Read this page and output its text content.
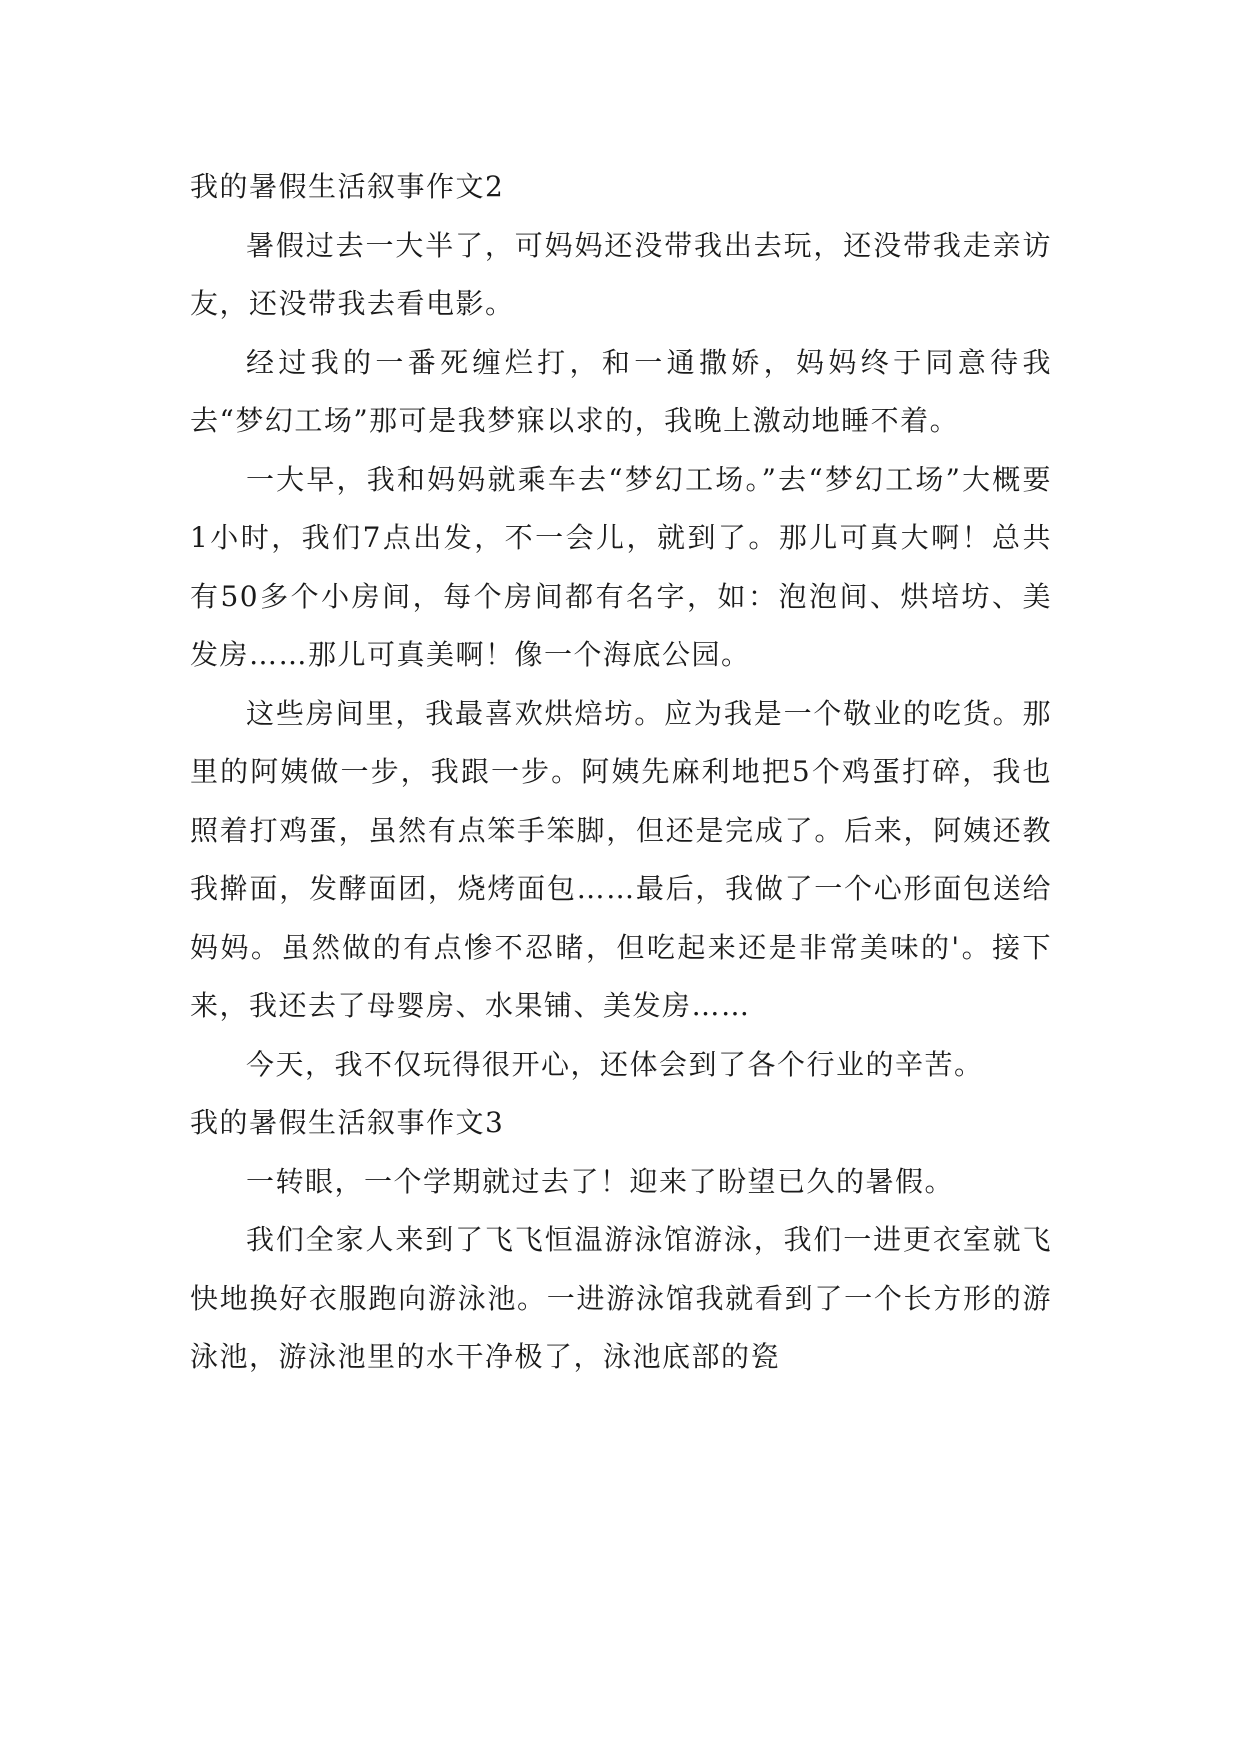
我的暑假生活叙事作文2

暑假过去一大半了，可妈妈还没带我出去玩，还没带我走亲访友，还没带我去看电影。

经过我的一番死缠烂打，和一通撒娇，妈妈终于同意待我去“梦幻工场”那可是我梦寐以求的，我晚上激动地睡不着。

一大早，我和妈妈就乘车去“梦幻工场。”去“梦幻工场”大概要1小时，我们7点出发，不一会儿，就到了。那儿可真大啊！总共有50多个小房间，每个房间都有名字，如：泡泡间、烘培坊、美发房……那儿可真美啊！像一个海底公园。

这些房间里，我最喜欢烘焙坊。应为我是一个敬业的吃货。那里的阿姨做一步，我跟一步。阿姨先麻利地把5个鸡蛋打碎，我也照着打鸡蛋，虽然有点笨手笨脚，但还是完成了。后来，阿姨还教我擀面，发酵面团，烧烤面包……最后，我做了一个心形面包送给妈妈。虽然做的有点惨不忍睹，但吃起来还是非常美味的'。接下来，我还去了母婴房、水果铺、美发房……

今天，我不仅玩得很开心，还体会到了各个行业的辛苦。

我的暑假生活叙事作文3

一转眼，一个学期就过去了！迎来了盼望已久的暑假。

我们全家人来到了飞飞恒温游泳馆游泳，我们一进更衣室就飞快地换好衣服跑向游泳池。一进游泳馆我就看到了一个长方形的游泳池，游泳池里的水干净极了，泳池底部的瓷
